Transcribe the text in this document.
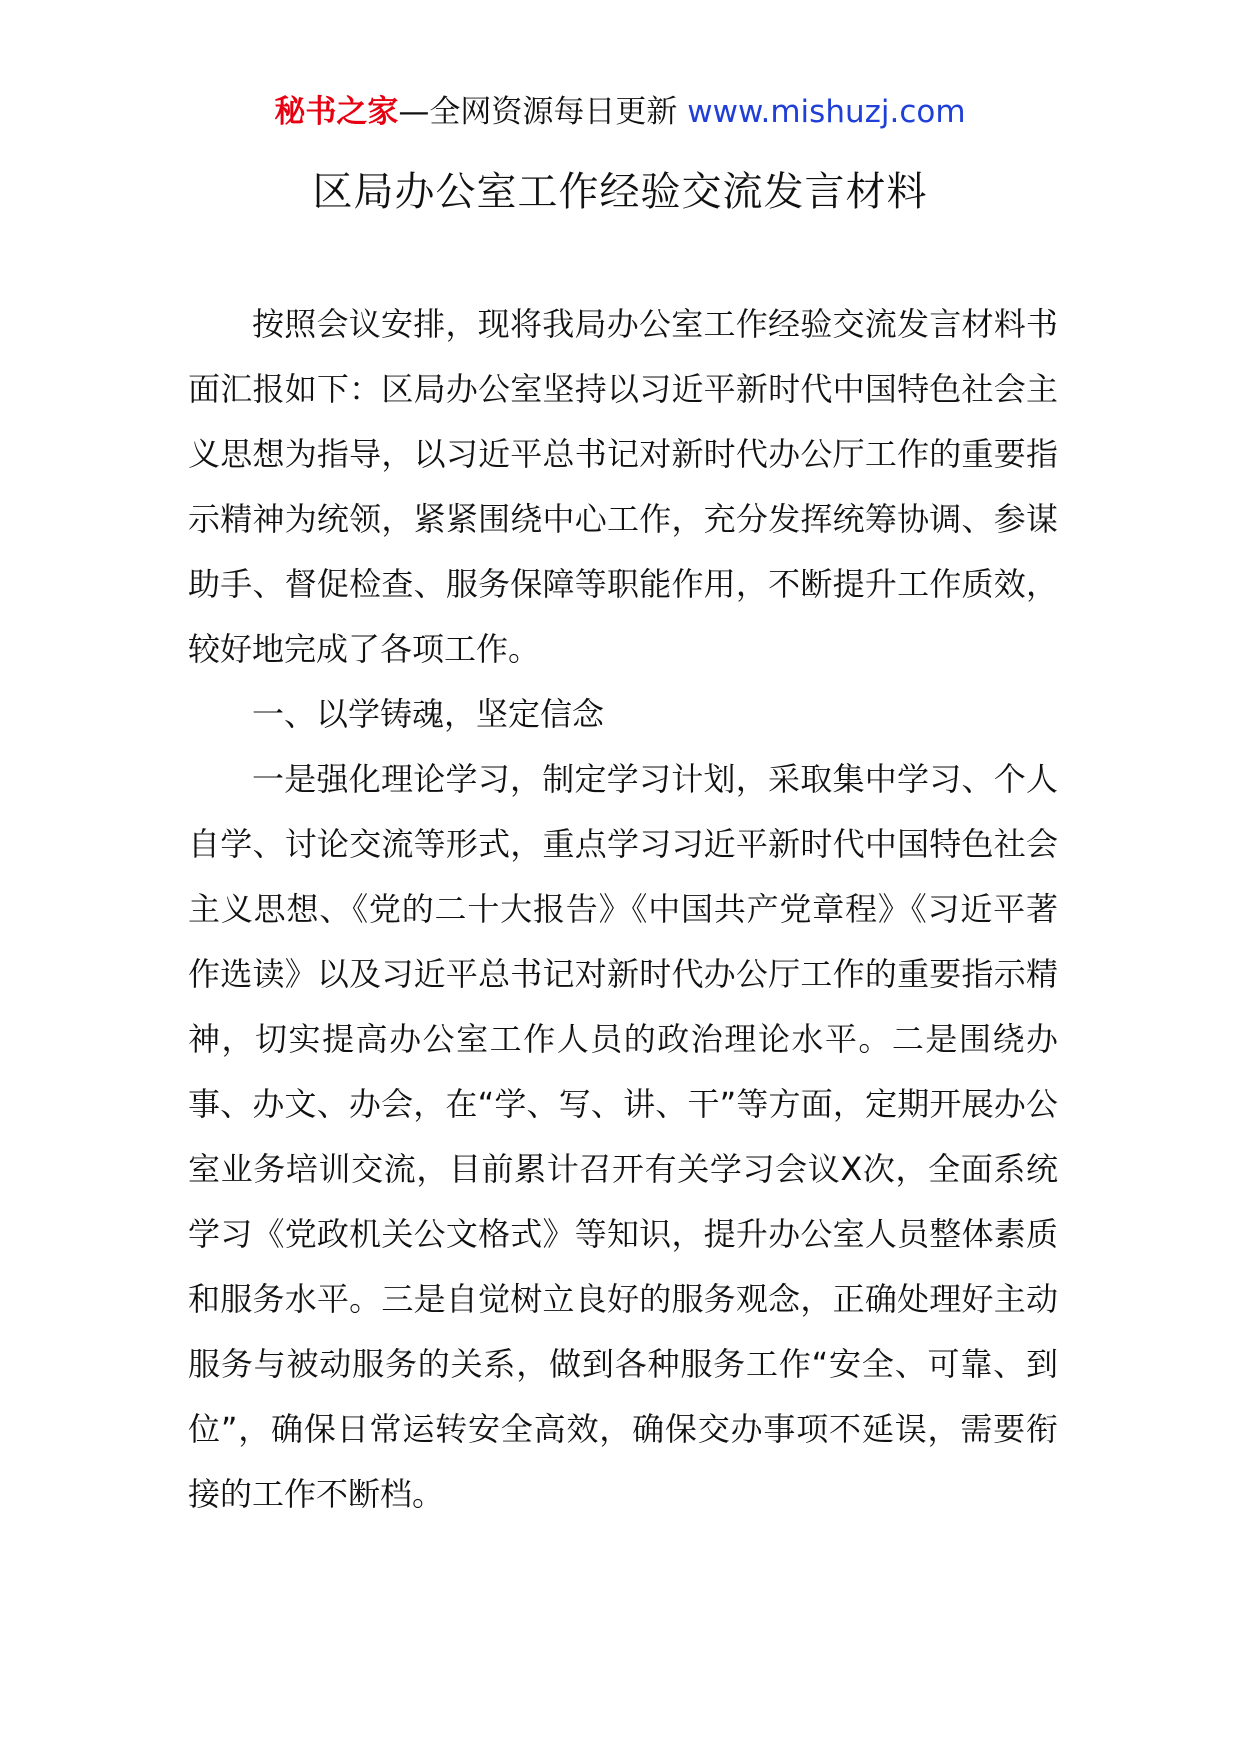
秘书之家—全网资源每日更新 www.mishuzj.com
区局办公室工作经验交流发言材料

按照会议安排，现将我局办公室工作经验交流发言材料书面汇报如下：区局办公室坚持以习近平新时代中国特色社会主义思想为指导，以习近平总书记对新时代办公厅工作的重要指示精神为统领，紧紧围绕中心工作，充分发挥统筹协调、参谋助手、督促检查、服务保障等职能作用，不断提升工作质效，较好地完成了各项工作。

一、以学铸魂，坚定信念

一是强化理论学习，制定学习计划，采取集中学习、个人自学、讨论交流等形式，重点学习习近平新时代中国特色社会主义思想、《党的二十大报告》《中国共产党章程》《习近平著作选读》以及习近平总书记对新时代办公厅工作的重要指示精神，切实提高办公室工作人员的政治理论水平。二是围绕办事、办文、办会，在“学、写、讲、干”等方面，定期开展办公室业务培训交流，目前累计召开有关学习会议X次，全面系统学习《党政机关公文格式》等知识，提升办公室人员整体素质和服务水平。三是自觉树立良好的服务观念，正确处理好主动服务与被动服务的关系，做到各种服务工作“安全、可靠、到位”，确保日常运转安全高效，确保交办事项不延误，需要衔接的工作不断档。
